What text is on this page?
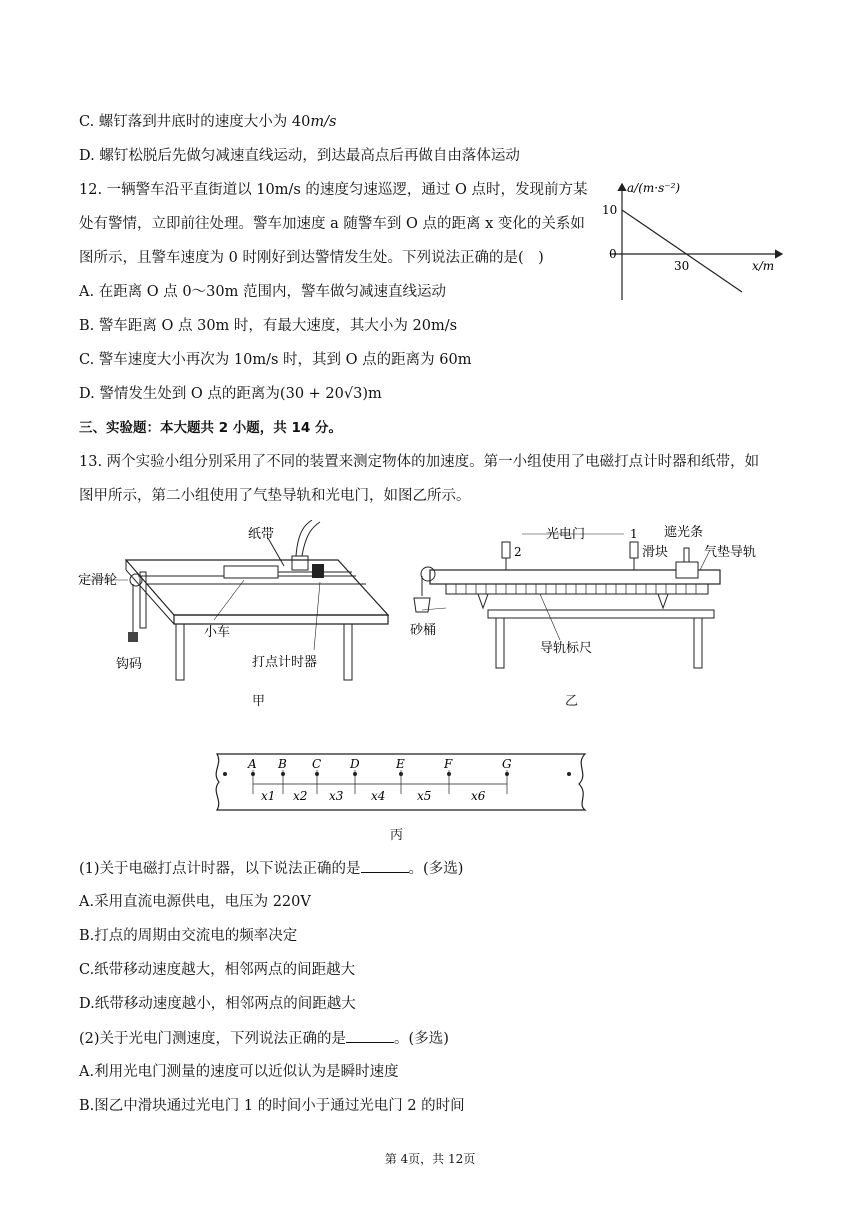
C. 螺钉落到井底时的速度大小为 40m/s
D. 螺钉松脱后先做匀减速直线运动，到达最高点后再做自由落体运动
12. 一辆警车沿平直街道以 10m/s 的速度匀速巡逻，通过 O 点时，发现前方某
处有警情，立即前往处理。警车加速度 a 随警车到 O 点的距离 x 变化的关系如
图所示，且警车速度为 0 时刚好到达警情发生处。下列说法正确的是(　)
A. 在距离 O 点 0～30m 范围内，警车做匀减速直线运动
B. 警车距离 O 点 30m 时，有最大速度，其大小为 20m/s
C. 警车速度大小再次为 10m/s 时，其到 O 点的距离为 60m
D. 警情发生处到 O 点的距离为(30 + 20√3)m
a/(m·s⁻²)
10
0
30	x/m
三、实验题：本大题共 2 小题，共 14 分。
13. 两个实验小组分别采用了不同的装置来测定物体的加速度。第一小组使用了电磁打点计时器和纸带，如
图甲所示，第二小组使用了气垫导轨和光电门，如图乙所示。
纸带
定滑轮
小车
钩码	打点计时器
甲
光电门	1
2
遮光条
滑块	气垫导轨
砂桶
导轨标尺
乙
A B C D	E	F	G
x1 x2 x3 x4	x5	x6
丙
(1)关于电磁打点计时器，以下说法正确的是	。(多选)
A.采用直流电源供电，电压为 220V
B.打点的周期由交流电的频率决定
C.纸带移动速度越大，相邻两点的间距越大
D.纸带移动速度越小，相邻两点的间距越大
(2)关于光电门测速度，下列说法正确的是	。(多选)
A.利用光电门测量的速度可以近似认为是瞬时速度
B.图乙中滑块通过光电门 1 的时间小于通过光电门 2 的时间
第 4页，共 12页
